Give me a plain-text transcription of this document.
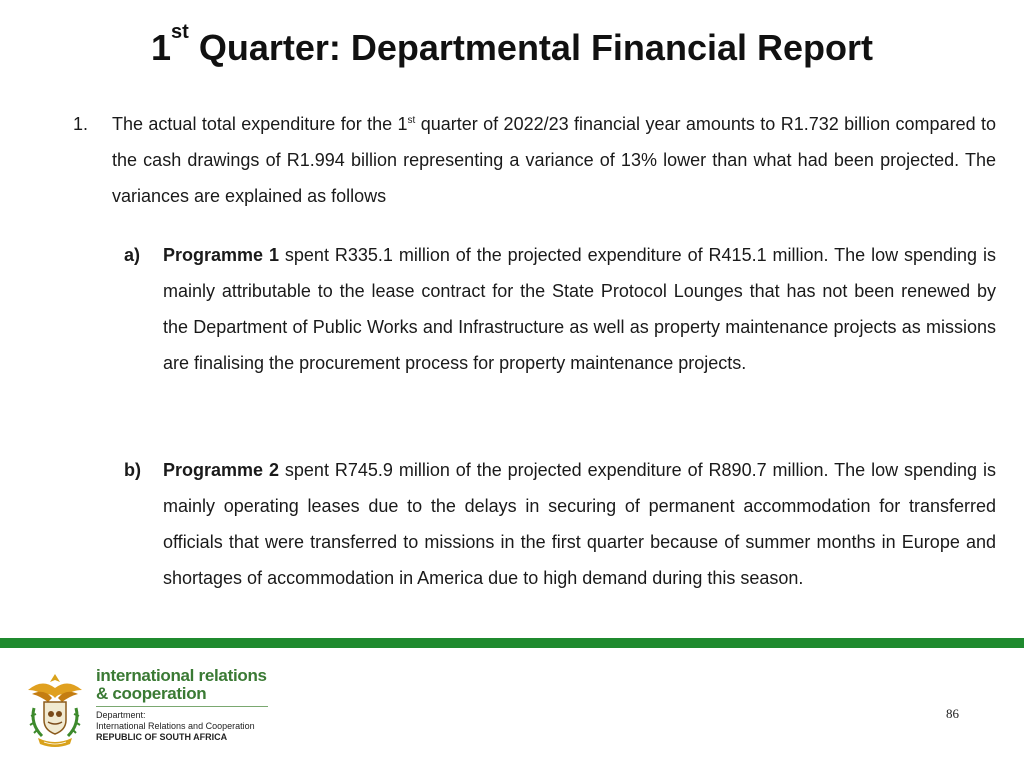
1st Quarter: Departmental Financial Report
1. The actual total expenditure for the 1st quarter of 2022/23 financial year amounts to R1.732 billion compared to the cash drawings of R1.994 billion representing a variance of 13% lower than what had been projected. The variances are explained as follows
a) Programme 1 spent R335.1 million of the projected expenditure of R415.1 million. The low spending is mainly attributable to the lease contract for the State Protocol Lounges that has not been renewed by the Department of Public Works and Infrastructure as well as property maintenance projects as missions are finalising the procurement process for property maintenance projects.
b) Programme 2 spent R745.9 million of the projected expenditure of R890.7 million. The low spending is mainly operating leases due to the delays in securing of permanent accommodation for transferred officials that were transferred to missions in the first quarter because of summer months in Europe and shortages of accommodation in America due to high demand during this season.
international relations
& cooperation
Department:
International Relations and Cooperation
REPUBLIC OF SOUTH AFRICA
86
